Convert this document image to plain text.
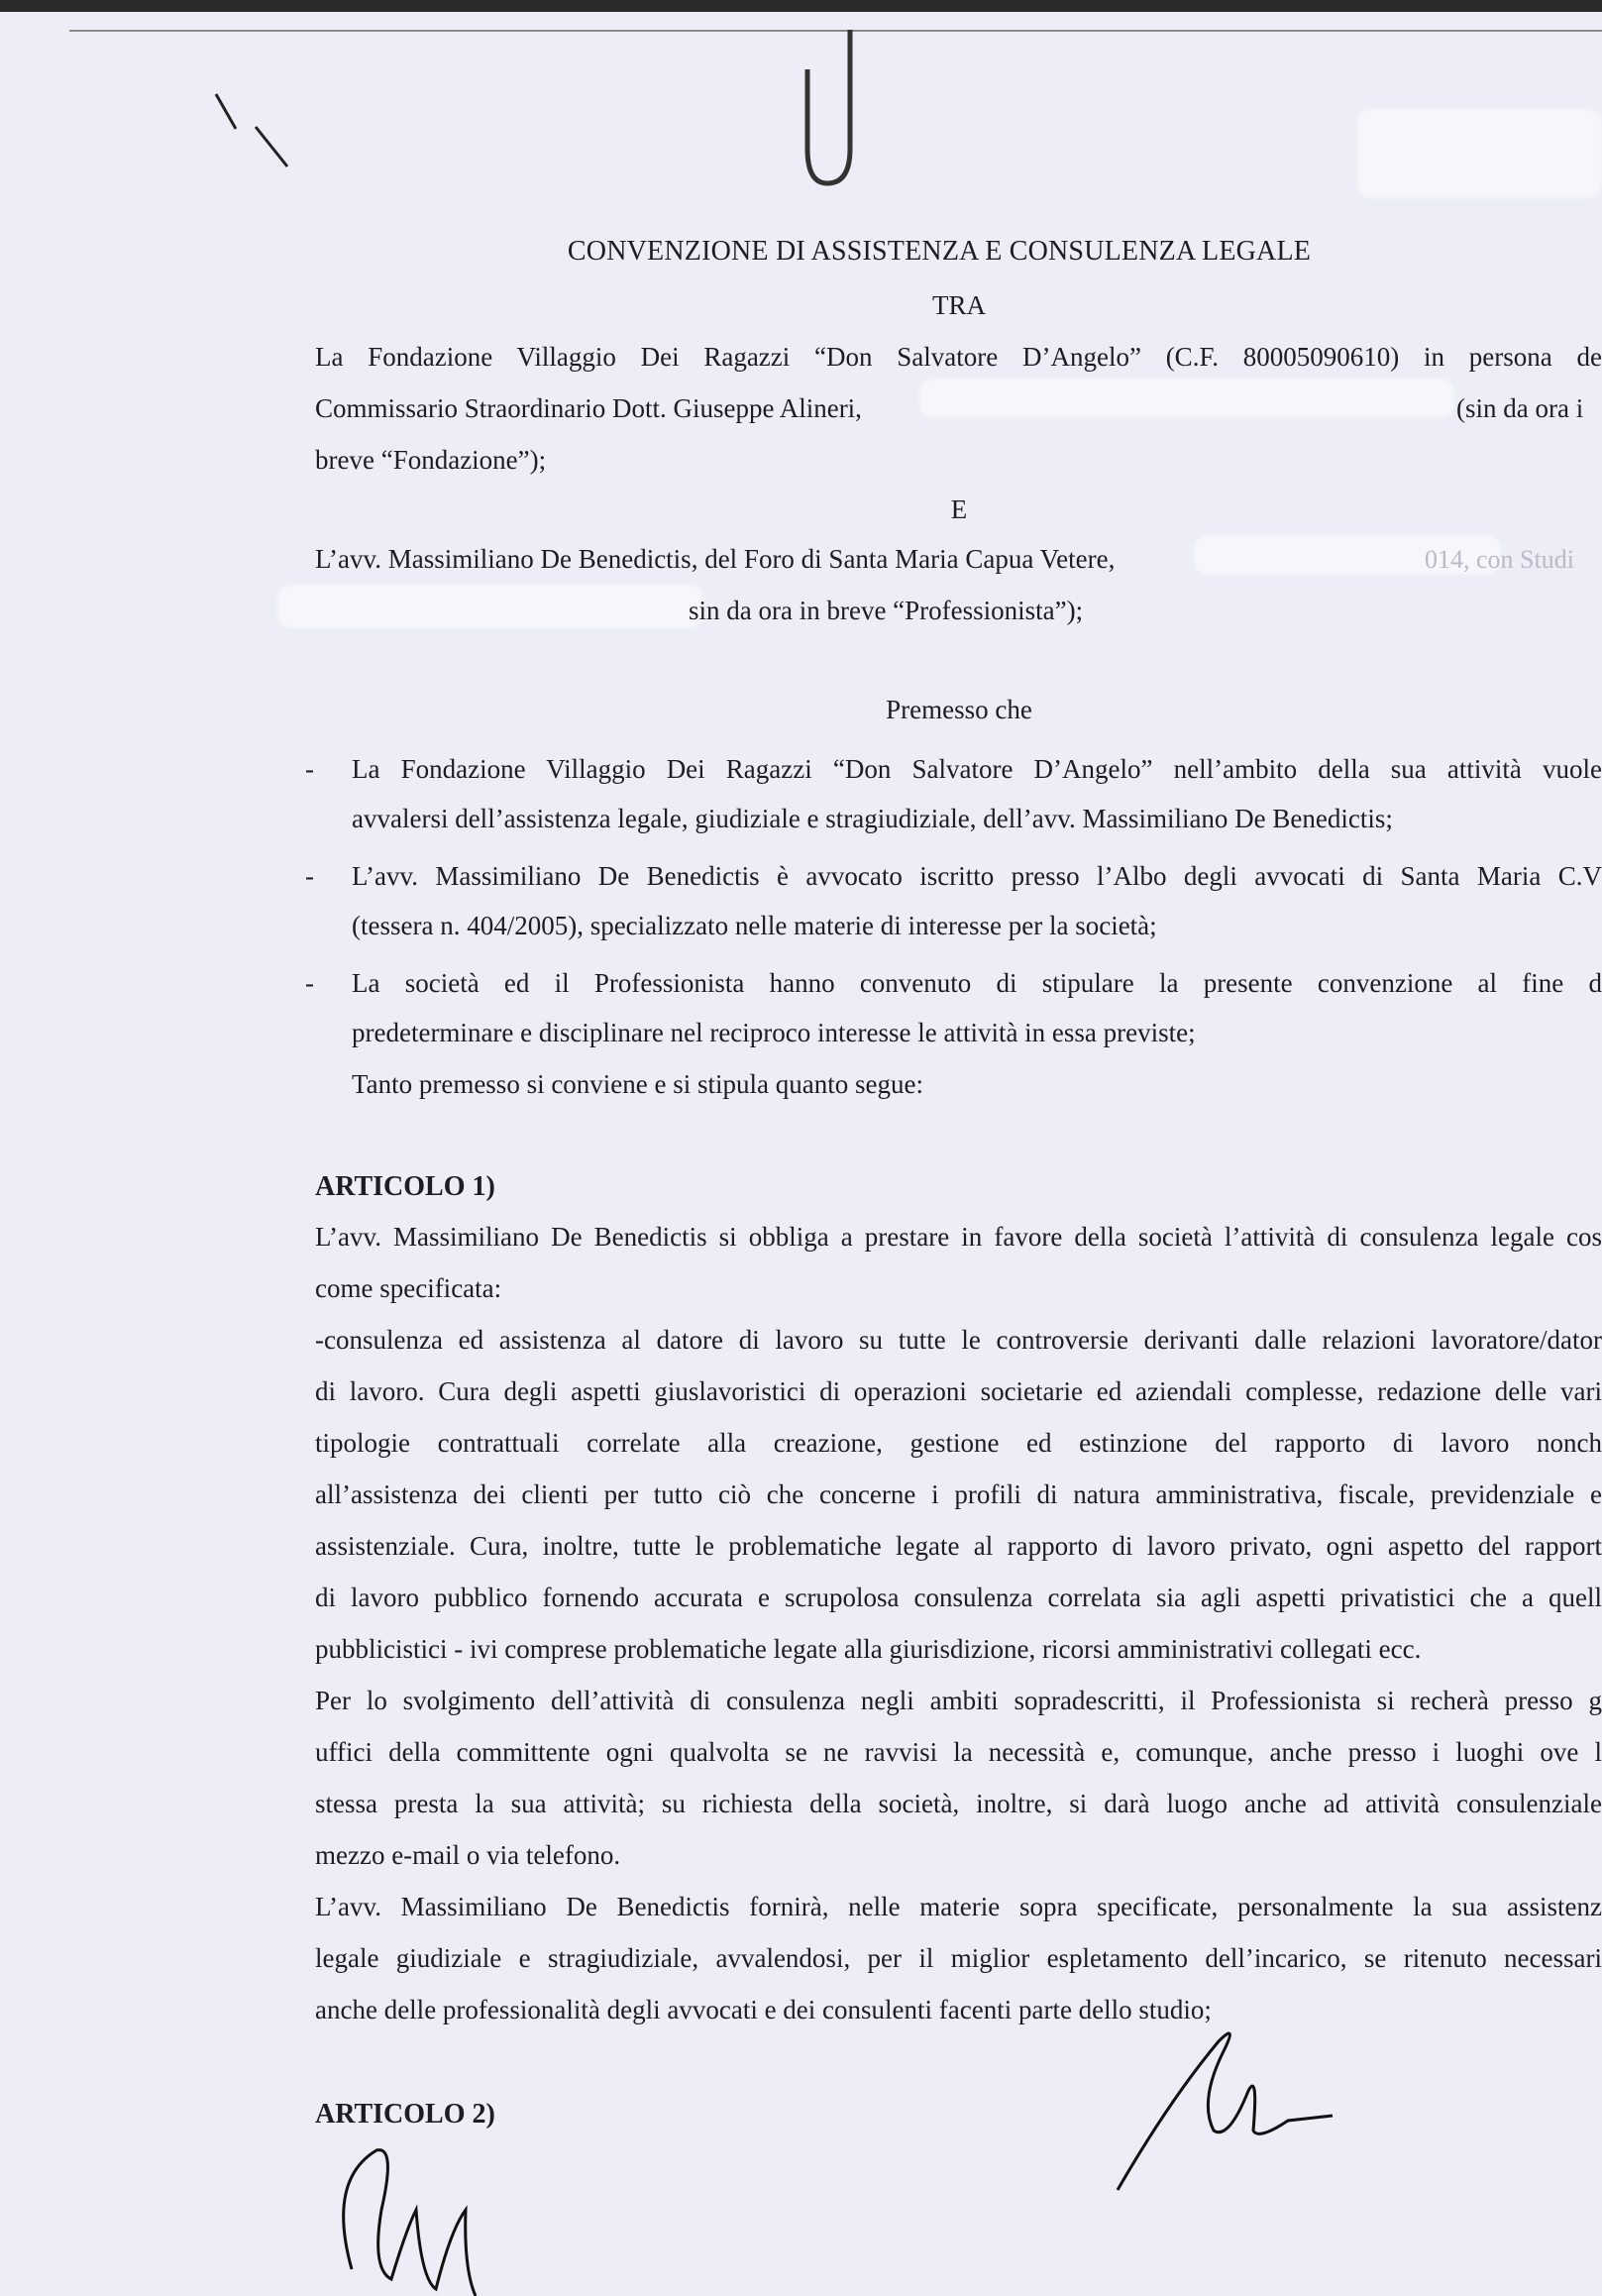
CONVENZIONE DI ASSISTENZA E CONSULENZA LEGALE
TRA
La Fondazione Villaggio Dei Ragazzi “Don Salvatore D’Angelo” (C.F. 80005090610) in persona de
Commissario Straordinario Dott. Giuseppe Alineri,	(sin da ora i
breve “Fondazione”);
E
L’avv. Massimiliano De Benedictis, del Foro di Santa Maria Capua Vetere,	014, con Studi
sin da ora in breve “Professionista”);
Premesso che
- La Fondazione Villaggio Dei Ragazzi “Don Salvatore D’Angelo” nell’ambito della sua attività vuole
avvalersi dell’assistenza legale, giudiziale e stragiudiziale, dell’avv. Massimiliano De Benedictis;
- L’avv. Massimiliano De Benedictis è avvocato iscritto presso l’Albo degli avvocati di Santa Maria C.V
(tessera n. 404/2005), specializzato nelle materie di interesse per la società;
- La società ed il Professionista hanno convenuto di stipulare la presente convenzione al fine d
predeterminare e disciplinare nel reciproco interesse le attività in essa previste;
Tanto premesso si conviene e si stipula quanto segue:
ARTICOLO 1)
L’avv. Massimiliano De Benedictis si obbliga a prestare in favore della società l’attività di consulenza legale cos
come specificata:
-consulenza ed assistenza al datore di lavoro su tutte le controversie derivanti dalle relazioni lavoratore/dator
di lavoro. Cura degli aspetti giuslavoristici di operazioni societarie ed aziendali complesse, redazione delle vari
tipologie contrattuali correlate alla creazione, gestione ed estinzione del rapporto di lavoro nonch
all’assistenza dei clienti per tutto ciò che concerne i profili di natura amministrativa, fiscale, previdenziale e
assistenziale. Cura, inoltre, tutte le problematiche legate al rapporto di lavoro privato, ogni aspetto del rapport
di lavoro pubblico fornendo accurata e scrupolosa consulenza correlata sia agli aspetti privatistici che a quell
pubblicistici - ivi comprese problematiche legate alla giurisdizione, ricorsi amministrativi collegati ecc.
Per lo svolgimento dell’attività di consulenza negli ambiti sopradescritti, il Professionista si recherà presso g
uffici della committente ogni qualvolta se ne ravvisi la necessità e, comunque, anche presso i luoghi ove l
stessa presta la sua attività; su richiesta della società, inoltre, si darà luogo anche ad attività consulenziale
mezzo e-mail o via telefono.
L’avv. Massimiliano De Benedictis fornirà, nelle materie sopra specificate, personalmente la sua assistenz
legale giudiziale e stragiudiziale, avvalendosi, per il miglior espletamento dell’incarico, se ritenuto necessari
anche delle professionalità degli avvocati e dei consulenti facenti parte dello studio;
ARTICOLO 2)
